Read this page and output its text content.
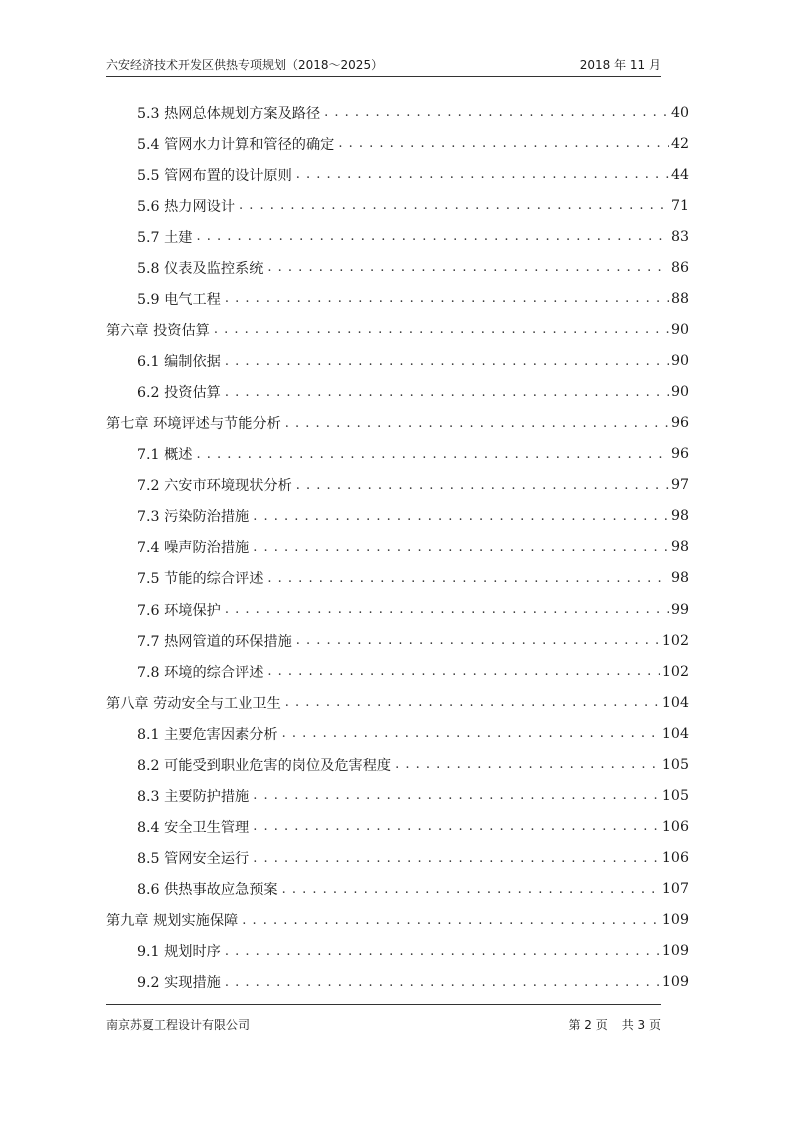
六安经济技术开发区供热专项规划（2018～2025）	2018 年 11 月
5.3 热网总体规划方案及路径 . . .	40
5.4 管网水力计算和管径的确定 . . .	42
5.5 管网布置的设计原则 . . .	44
5.6 热力网设计 . . .	71
5.7 土建 . . .	83
5.8 仪表及监控系统 . . .	86
5.9 电气工程 . . .	88
第六章 投资估算 . . .	90
6.1 编制依据 . . .	90
6.2 投资估算 . . .	90
第七章 环境评述与节能分析 . . .	96
7.1 概述 . . .	96
7.2 六安市环境现状分析 . . .	97
7.3 污染防治措施 . . .	98
7.4 噪声防治措施 . . .	98
7.5 节能的综合评述 . . .	98
7.6 环境保护 . . .	99
7.7 热网管道的环保措施 . . .	102
7.8 环境的综合评述 . . .	102
第八章 劳动安全与工业卫生 . . .	104
8.1 主要危害因素分析 . . .	104
8.2 可能受到职业危害的岗位及危害程度 . . .	105
8.3 主要防护措施 . . .	105
8.4 安全卫生管理 . . .	106
8.5 管网安全运行 . . .	106
8.6 供热事故应急预案 . . .	107
第九章 规划实施保障 . . .	109
9.1 规划时序 . . .	109
9.2 实现措施 . . .	109
南京苏夏工程设计有限公司	第 2 页 共 3 页
